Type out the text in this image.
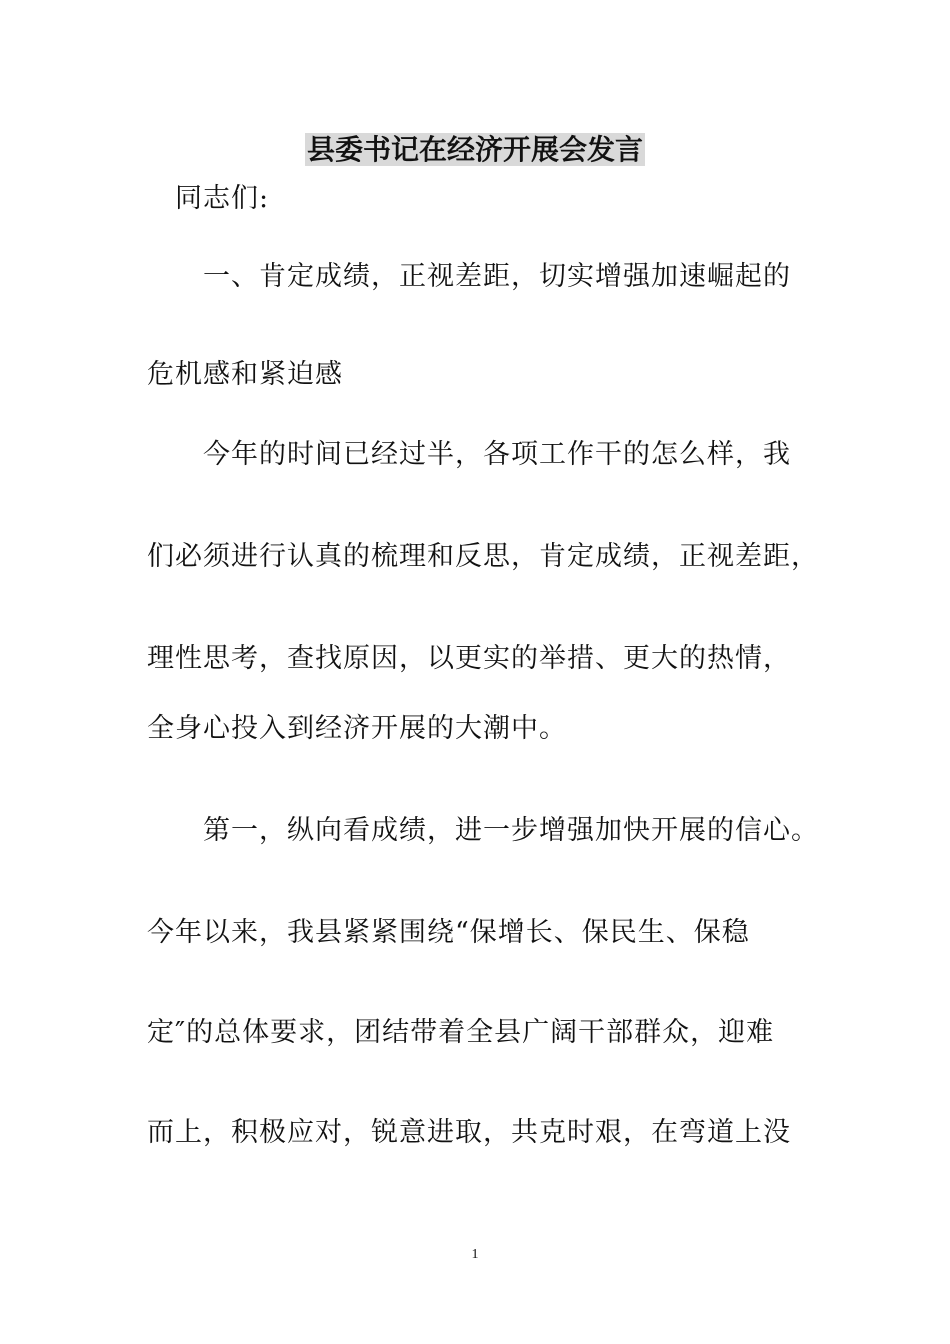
县委书记在经济开展会发言
同志们:
一、肯定成绩，正视差距，切实增强加速崛起的
危机感和紧迫感
今年的时间已经过半，各项工作干的怎么样，我
们必须进行认真的梳理和反思，肯定成绩，正视差距，
理性思考，查找原因，以更实的举措、更大的热情，
全身心投入到经济开展的大潮中。
第一，纵向看成绩，进一步增强加快开展的信心。
今年以来，我县紧紧围绕“保增长、保民生、保稳
定″的总体要求，团结带着全县广阔干部群众，迎难
而上，积极应对，锐意进取，共克时艰，在弯道上没
1
